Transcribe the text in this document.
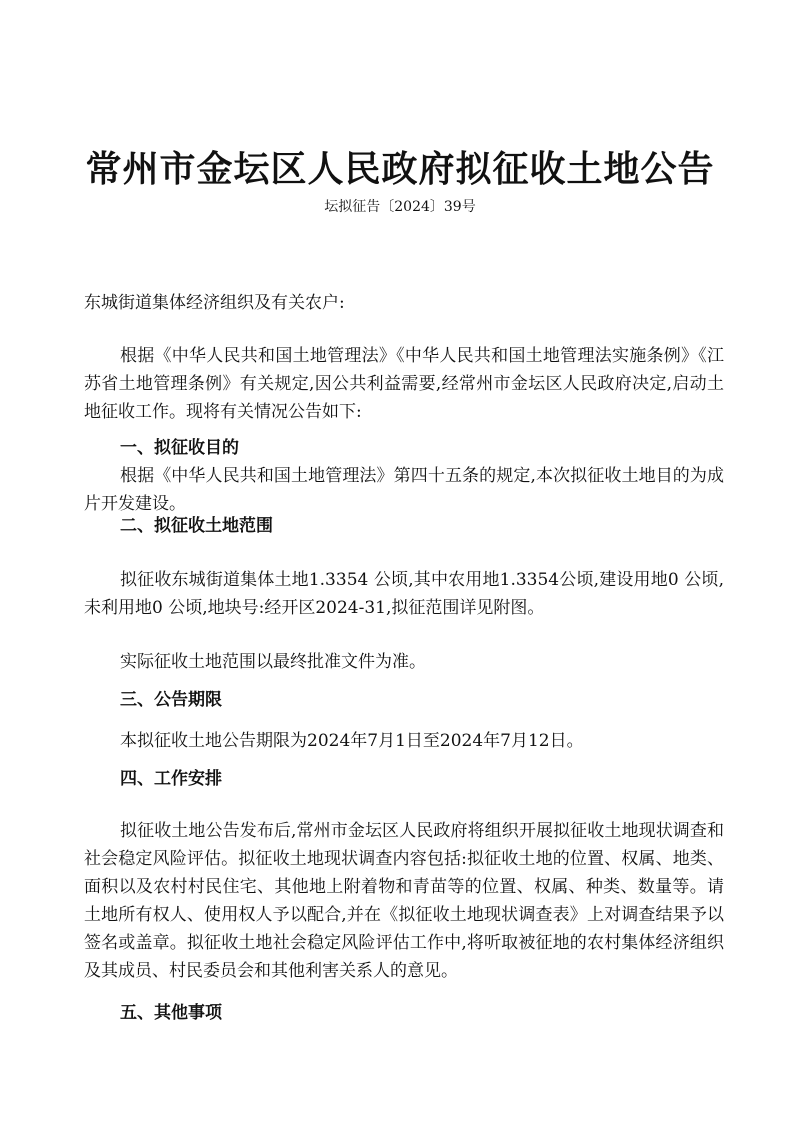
常州市金坛区人民政府拟征收土地公告
坛拟征告〔2024〕39号
东城街道集体经济组织及有关农户:
根据《中华人民共和国土地管理法》《中华人民共和国土地管理法实施条例》《江苏省土地管理条例》有关规定,因公共利益需要,经常州市金坛区人民政府决定,启动土地征收工作。现将有关情况公告如下:
一、拟征收目的
根据《中华人民共和国土地管理法》第四十五条的规定,本次拟征收土地目的为成片开发建设。
二、拟征收土地范围
拟征收东城街道集体土地1.3354 公顷,其中农用地1.3354公顷,建设用地0 公顷,未利用地0 公顷,地块号:经开区2024-31,拟征范围详见附图。
实际征收土地范围以最终批准文件为准。
三、公告期限
本拟征收土地公告期限为2024年7月1日至2024年7月12日。
四、工作安排
拟征收土地公告发布后,常州市金坛区人民政府将组织开展拟征收土地现状调查和社会稳定风险评估。拟征收土地现状调查内容包括:拟征收土地的位置、权属、地类、面积以及农村村民住宅、其他地上附着物和青苗等的位置、权属、种类、数量等。请土地所有权人、使用权人予以配合,并在《拟征收土地现状调查表》上对调查结果予以签名或盖章。拟征收土地社会稳定风险评估工作中,将听取被征地的农村集体经济组织及其成员、村民委员会和其他利害关系人的意见。
五、其他事项
